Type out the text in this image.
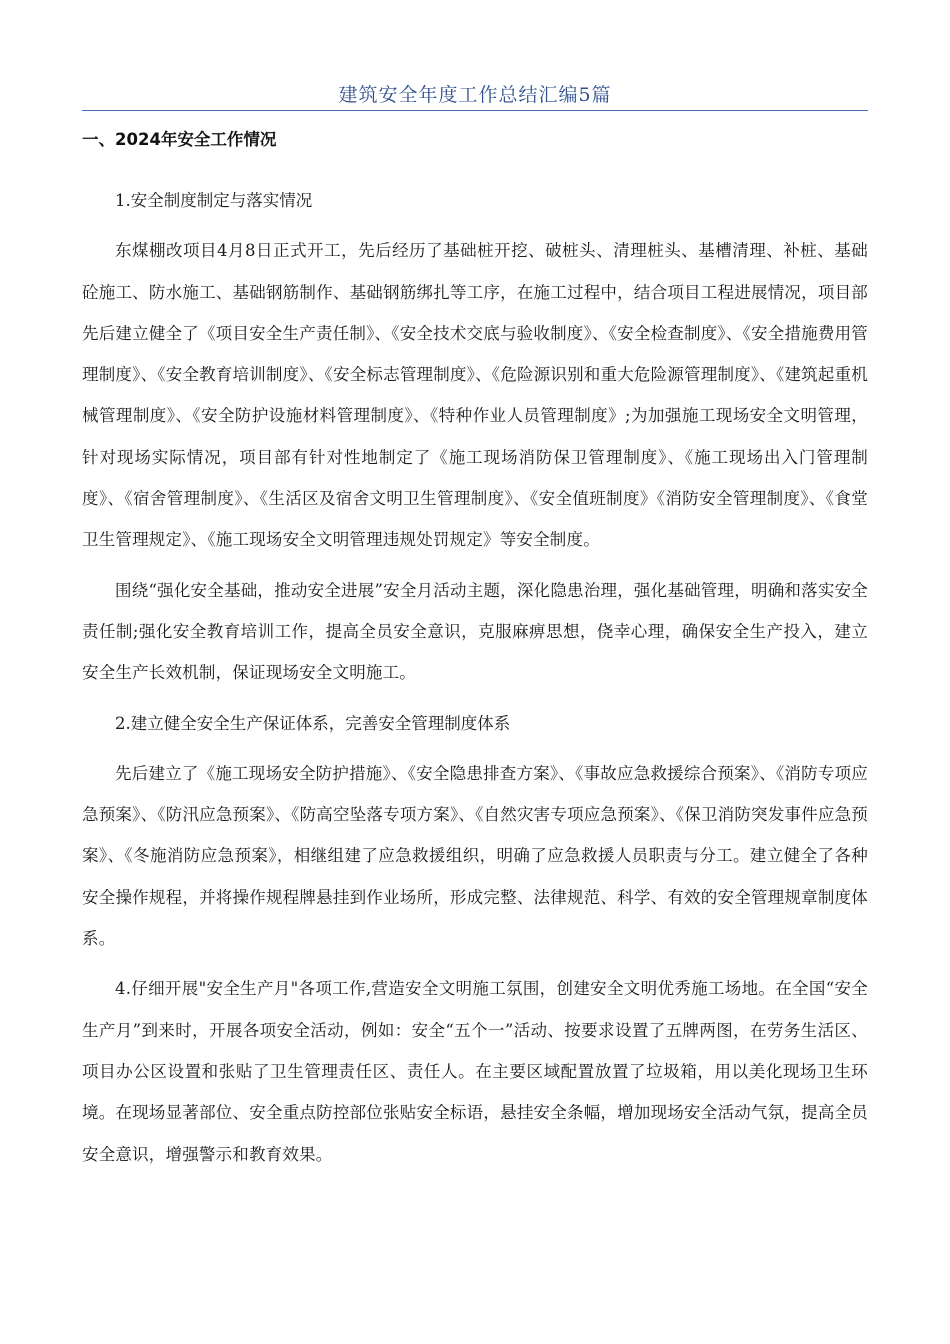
建筑安全年度工作总结汇编5篇
一、2024年安全工作情况

1.安全制度制定与落实情况

东煤棚改项目4月8日正式开工，先后经历了基础桩开挖、破桩头、清理桩头、基槽清理、补桩、基础砼施工、防水施工、基础钢筋制作、基础钢筋绑扎等工序，在施工过程中，结合项目工程进展情况，项目部先后建立健全了《项目安全生产责任制》、《安全技术交底与验收制度》、《安全检查制度》、《安全措施费用管理制度》、《安全教育培训制度》、《安全标志管理制度》、《危险源识别和重大危险源管理制度》、《建筑起重机械管理制度》、《安全防护设施材料管理制度》、《特种作业人员管理制度》;为加强施工现场安全文明管理，针对现场实际情况，项目部有针对性地制定了《施工现场消防保卫管理制度》、《施工现场出入门管理制度》、《宿舍管理制度》、《生活区及宿舍文明卫生管理制度》、《安全值班制度》《消防安全管理制度》、《食堂卫生管理规定》、《施工现场安全文明管理违规处罚规定》等安全制度。

围绕“强化安全基础，推动安全进展”安全月活动主题，深化隐患治理，强化基础管理，明确和落实安全责任制;强化安全教育培训工作，提高全员安全意识，克服麻痹思想，侥幸心理，确保安全生产投入，建立安全生产长效机制，保证现场安全文明施工。

2.建立健全安全生产保证体系，完善安全管理制度体系

先后建立了《施工现场安全防护措施》、《安全隐患排查方案》、《事故应急救援综合预案》、《消防专项应急预案》、《防汛应急预案》、《防高空坠落专项方案》、《自然灾害专项应急预案》、《保卫消防突发事件应急预案》、《冬施消防应急预案》，相继组建了应急救援组织，明确了应急救援人员职责与分工。建立健全了各种安全操作规程，并将操作规程牌悬挂到作业场所，形成完整、法律规范、科学、有效的安全管理规章制度体系。

4.仔细开展"安全生产月"各项工作,营造安全文明施工氛围，创建安全文明优秀施工场地。在全国“安全生产月”到来时，开展各项安全活动，例如：安全“五个一”活动、按要求设置了五牌两图，在劳务生活区、项目办公区设置和张贴了卫生管理责任区、责任人。在主要区域配置放置了垃圾箱，用以美化现场卫生环境。在现场显著部位、安全重点防控部位张贴安全标语，悬挂安全条幅，增加现场安全活动气氛，提高全员安全意识，增强警示和教育效果。
